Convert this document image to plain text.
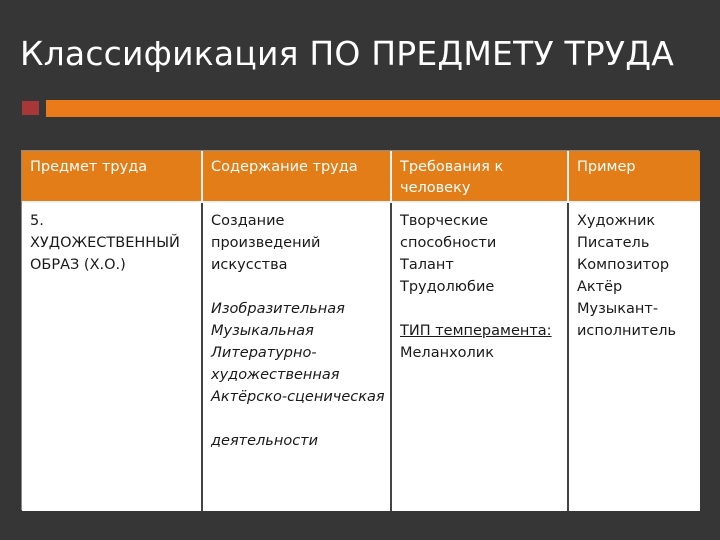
Классификация ПО ПРЕДМЕТУ ТРУДА
Предмет труда	Содержание труда	Требования к человеку
Пример
5.
ХУДОЖЕСТВЕННЫЙ
ОБРАЗ (Х.О.)
Создание
произведений
искусства
Изобразительная
Музыкальная
Литературно-
художественная
Актёрско-сценическая
деятельности
Творческие
способности
Талант
Трудолюбие
ТИП темперамента:
Меланхолик
Художник
Писатель
Композитор
Актёр
Музыкант-
исполнитель
